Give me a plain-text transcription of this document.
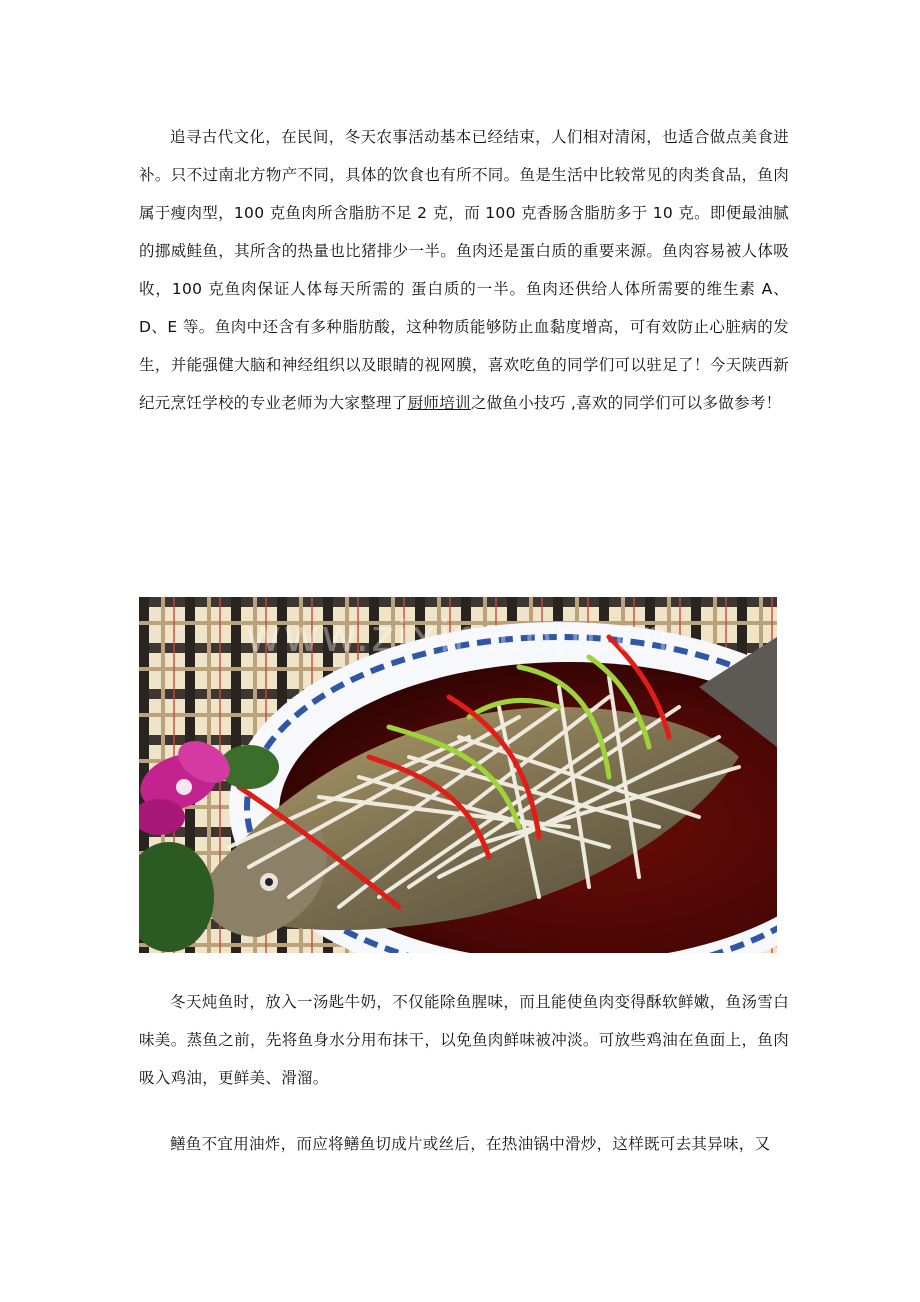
追寻古代文化，在民间，冬天农事活动基本已经结束，人们相对清闲，也适合做点美食进补。只不过南北方物产不同，具体的饮食也有所不同。鱼是生活中比较常见的肉类食品，鱼肉属于瘦肉型，100 克鱼肉所含脂肪不足 2 克，而 100 克香肠含脂肪多于 10 克。即便最油腻的挪威鲑鱼，其所含的热量也比猪排少一半。鱼肉还是蛋白质的重要来源。鱼肉容易被人体吸收，100 克鱼肉保证人体每天所需的 蛋白质的一半。鱼肉还供给人体所需要的维生素 A、D、E 等。鱼肉中还含有多种脂肪酸，这种物质能够防止血黏度增高，可有效防止心脏病的发生，并能强健大脑和神经组织以及眼睛的视网膜，喜欢吃鱼的同学们可以驻足了！今天陕西新纪元烹饪学校的专业老师为大家整理了厨师培训之做鱼小技巧 ,喜欢的同学们可以多做参考！

www.zixin.com.cn

冬天炖鱼时，放入一汤匙牛奶，不仅能除鱼腥味，而且能使鱼肉变得酥软鲜嫩，鱼汤雪白味美。蒸鱼之前，先将鱼身水分用布抹干，以免鱼肉鲜味被冲淡。可放些鸡油在鱼面上，鱼肉吸入鸡油，更鲜美、滑溜。

鳝鱼不宜用油炸，而应将鳝鱼切成片或丝后，在热油锅中滑炒，这样既可去其异味，又
